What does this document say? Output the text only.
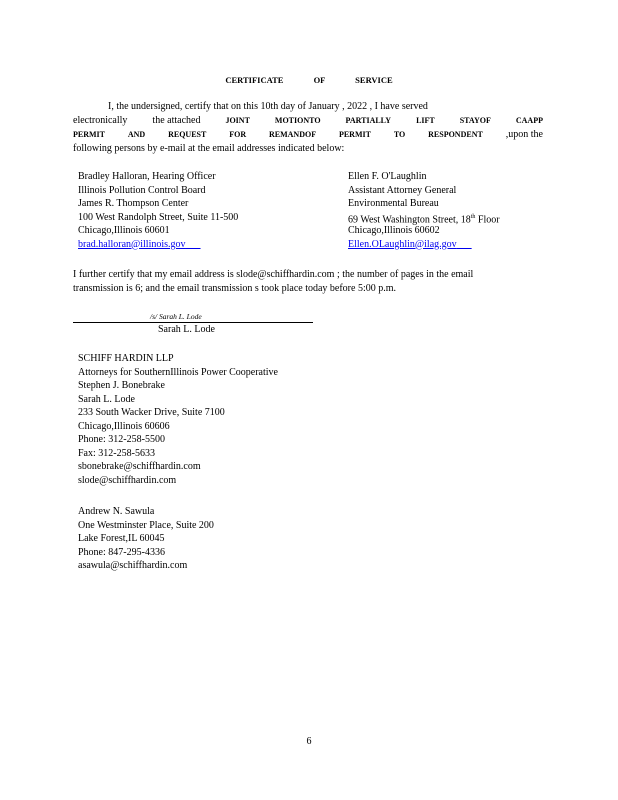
CERTIFICATE OF SERVICE
I, the undersigned, certify that on this 10th day of January , 2022 , I have served
electronically	the attached	JOINT	MOTIONTO	PARTIALLY	LIFT	STAYOF	CAAPP
PERMIT	AND	REQUEST	FOR	REMANDOF	PERMIT	TO	RESPONDENT ,upon the
following persons by e-mail at the email addresses indicated below:
Bradley Halloran, Hearing Officer
Illinois Pollution Control Board
James R. Thompson Center
100 West Randolph Street, Suite 11-500
Chicago,Illinois 60601
brad.halloran@illinois.gov
Ellen F. O'Laughlin
Assistant Attorney General
Environmental Bureau
69 West Washington Street, 18th Floor
Chicago,Illinois 60602
Ellen.OLaughlin@ilag.gov
I further certify that my email address is slode@schiffhardin.com ; the number of pages in the email
transmission is 6; and the email transmission s took place today before 5:00 p.m.
/s/ Sarah L. Lode
Sarah L. Lode
SCHIFF HARDIN LLP
Attorneys for SouthernIllinois Power Cooperative
Stephen J. Bonebrake
Sarah L. Lode
233 South Wacker Drive, Suite 7100
Chicago,Illinois 60606
Phone: 312-258-5500
Fax: 312-258-5633
sbonebrake@schiffhardin.com
slode@schiffhardin.com
Andrew N. Sawula
One Westminster Place, Suite 200
Lake Forest,IL 60045
Phone: 847-295-4336
asawula@schiffhardin.com
6
